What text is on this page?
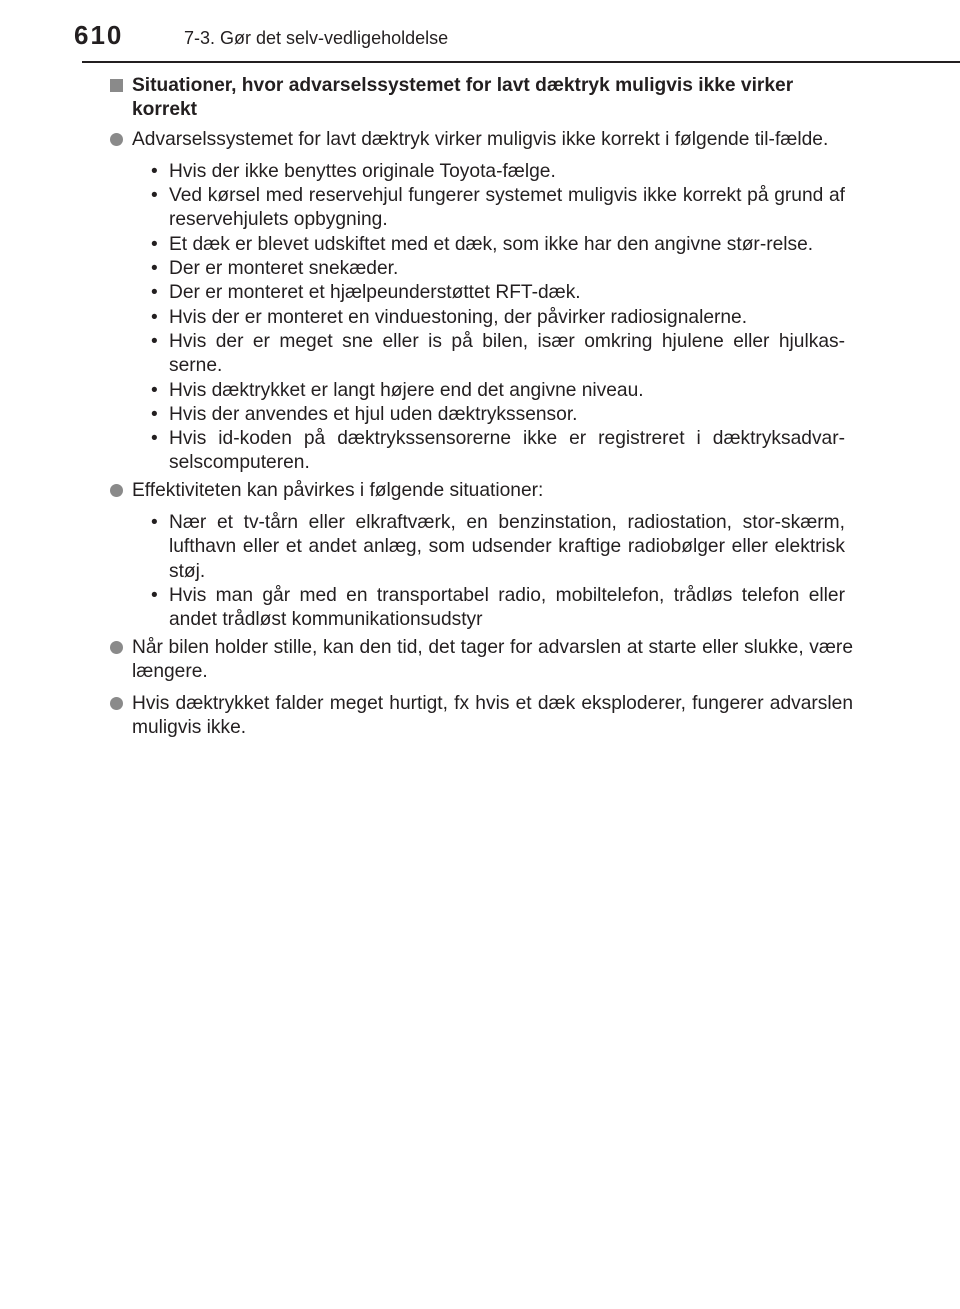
610	7-3. Gør det selv-vedligeholdelse
Situationer, hvor advarselssystemet for lavt dæktryk muligvis ikke virker korrekt
Advarselssystemet for lavt dæktryk virker muligvis ikke korrekt i følgende til-fælde.
• Hvis der ikke benyttes originale Toyota-fælge.
• Ved kørsel med reservehjul fungerer systemet muligvis ikke korrekt på grund af reservehjulets opbygning.
• Et dæk er blevet udskiftet med et dæk, som ikke har den angivne stør-relse.
• Der er monteret snekæder.
• Der er monteret et hjælpeunderstøttet RFT-dæk.
• Hvis der er monteret en vinduestoning, der påvirker radiosignalerne.
• Hvis der er meget sne eller is på bilen, især omkring hjulene eller hjulkas-serne.
• Hvis dæktrykket er langt højere end det angivne niveau.
• Hvis der anvendes et hjul uden dæktrykssensor.
• Hvis id-koden på dæktrykssensorerne ikke er registreret i dæktryksadvar-selscomputeren.
Effektiviteten kan påvirkes i følgende situationer:
• Nær et tv-tårn eller elkraftværk, en benzinstation, radiostation, stor-skærm, lufthavn eller et andet anlæg, som udsender kraftige radiobølger eller elektrisk støj.
• Hvis man går med en transportabel radio, mobiltelefon, trådløs telefon eller andet trådløst kommunikationsudstyr
Når bilen holder stille, kan den tid, det tager for advarslen at starte eller slukke, være længere.
Hvis dæktrykket falder meget hurtigt, fx hvis et dæk eksploderer, fungerer advarslen muligvis ikke.
